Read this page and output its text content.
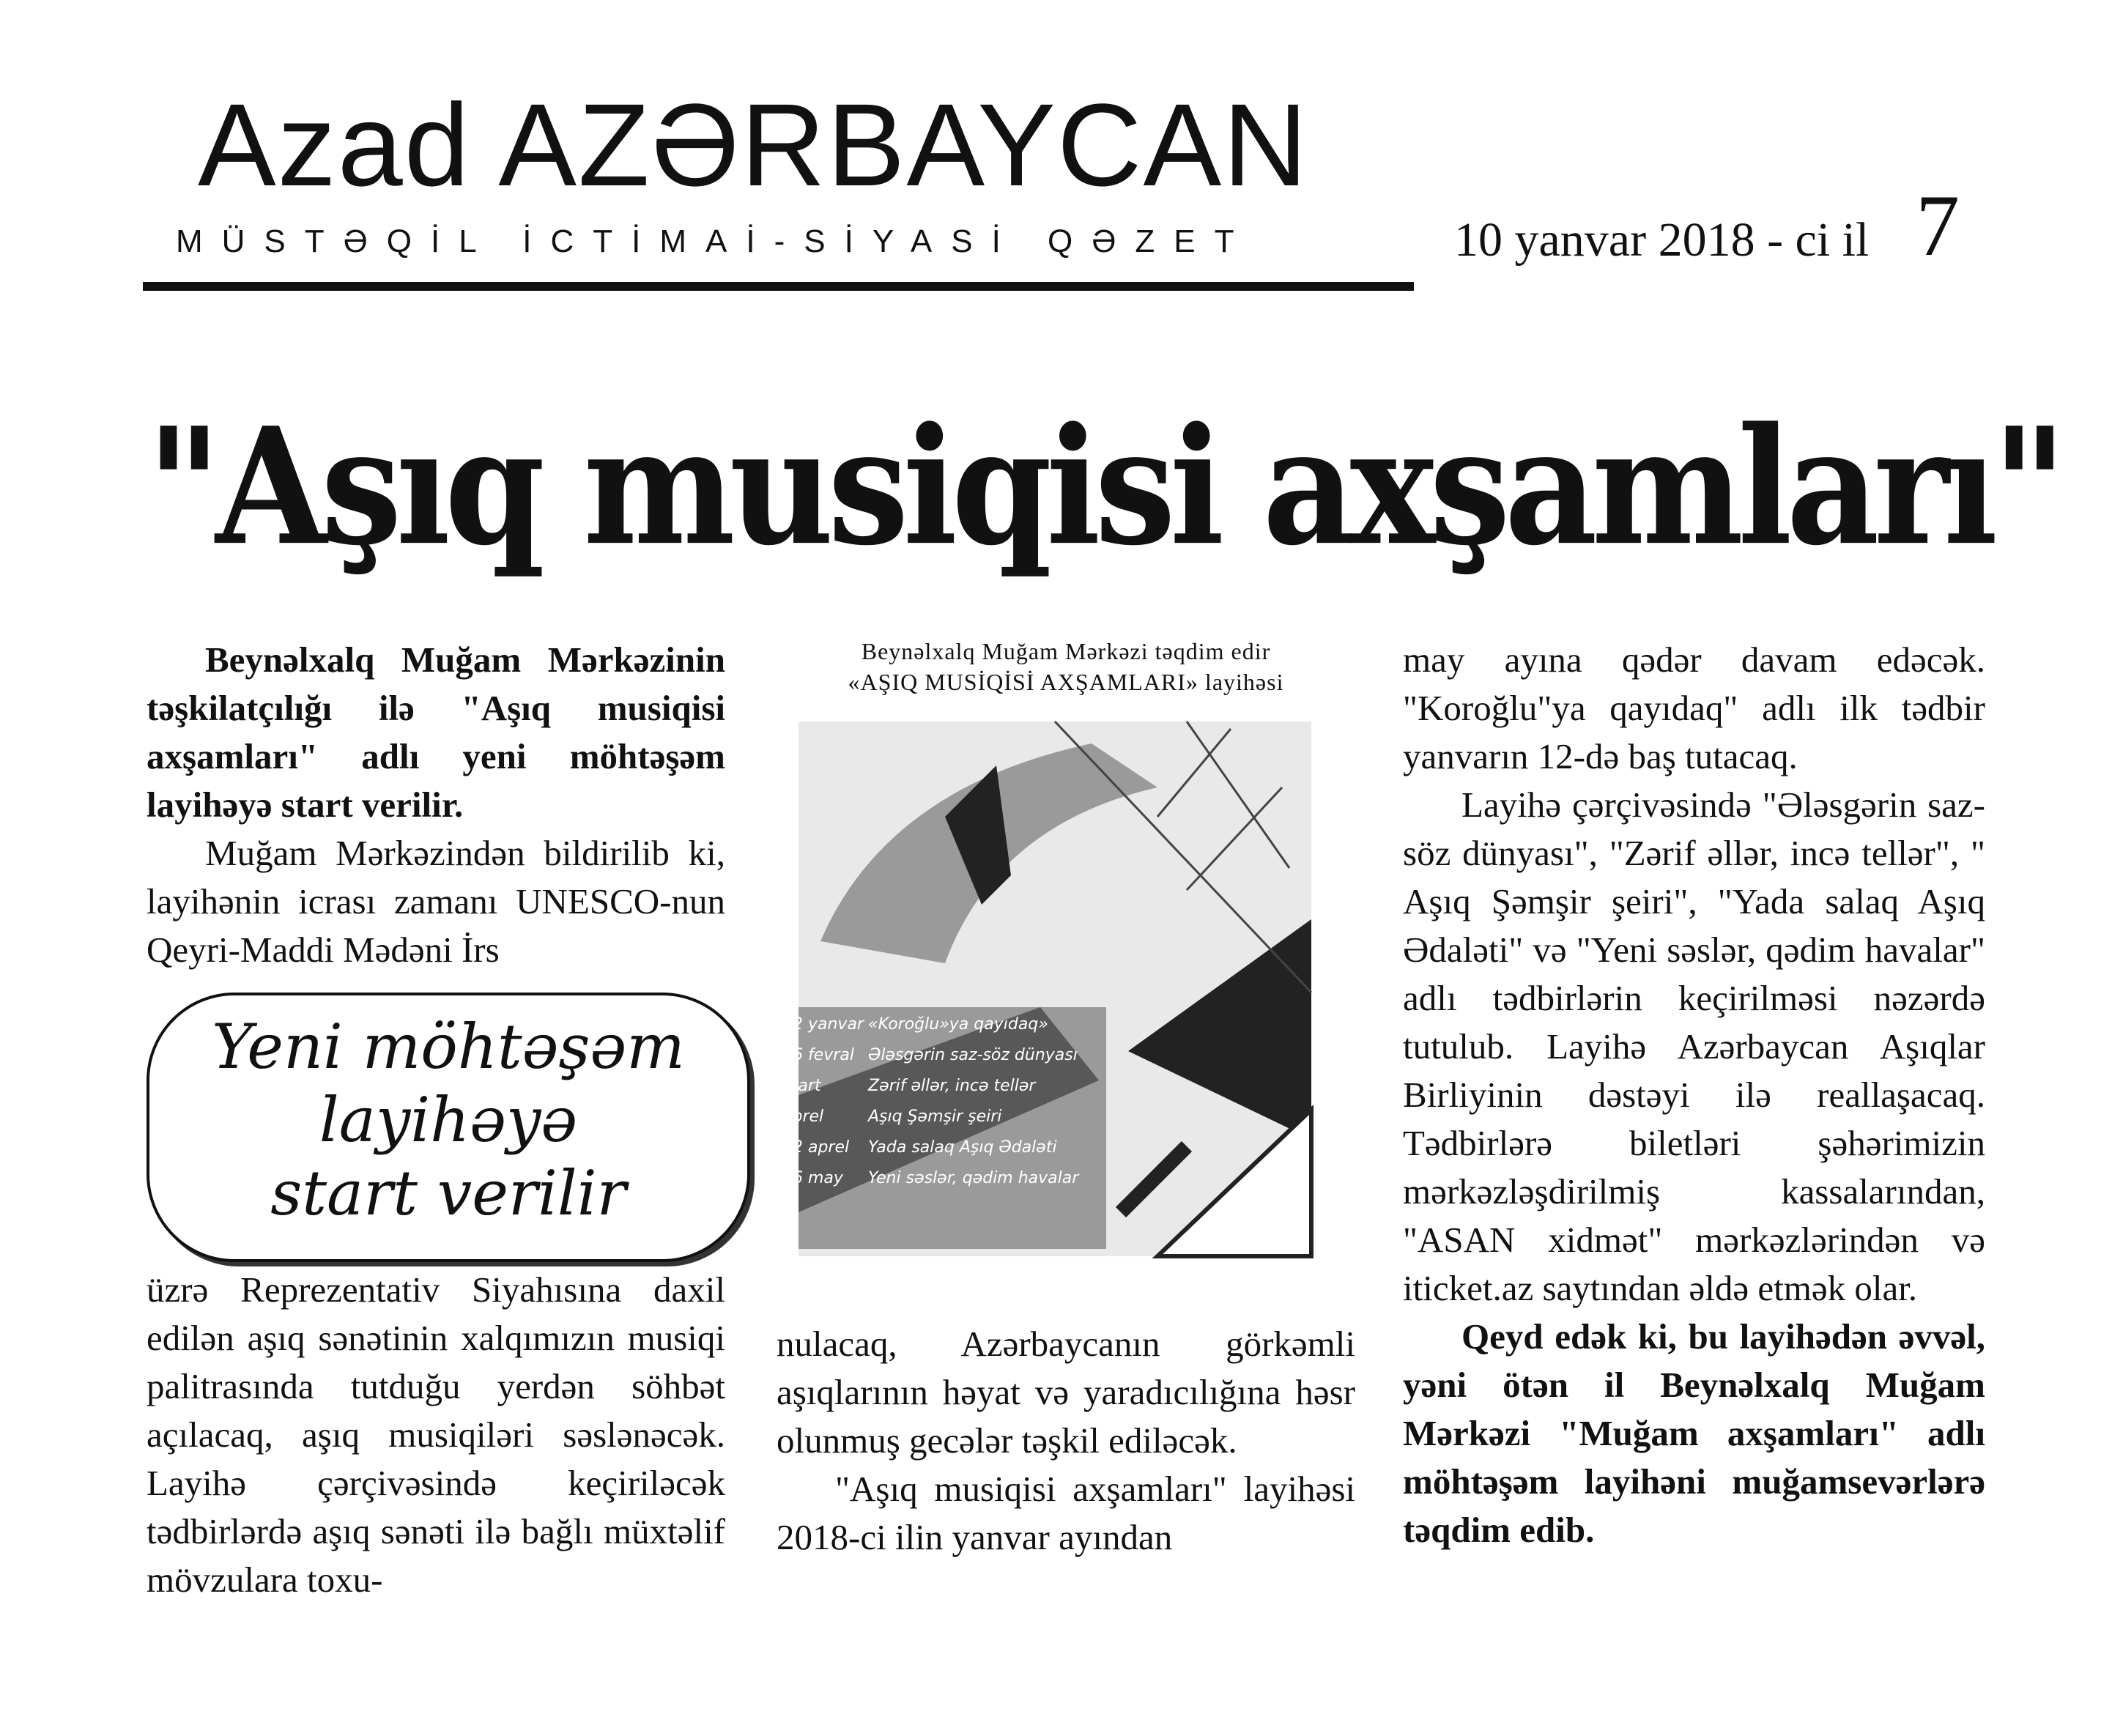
Azad AZƏRBAYCAN
MÜSTƏQİL İCTİMAİ-SİYASİ QƏZET	10 yanvar 2018 - ci il 7
"Aşıq musiqisi axşamları"

Beynəlxalq Muğam Mərkəzinin təşkilatçılığı ilə "Aşıq musiqisi axşamları" adlı yeni möhtəşəm layihəyə start verilir.

Muğam Mərkəzindən bildirilib ki, layihənin icrası zamanı UNESCO-nun Qeyri-Maddi Mədəni İrs

Yeni möhtəşəm
layihəyə
start verilir

üzrə Reprezentativ Siyahısına daxil edilən aşıq sənətinin xalqımızın musiqi palitrasında tutduğu yerdən söhbət açılacaq, aşıq musiqiləri səslənəcək. Layihə çərçivəsində keçiriləcək tədbirlərdə aşıq sənəti ilə bağlı müxtəlif mövzulara toxu-

Beynəlxalq Muğam Mərkəzi təqdim edir
«AŞIQ MUSİQİSİ AXŞAMLARI» layihəsi
12 yanvar «Koroğlu»ya qayıdaq»
16 fevral Ələsgərin saz-söz dünyası
mart	Zərif əllər, incə tellər
aprel	Aşıq Şəmşir şeiri
12 aprel Yada salaq Aşıq Ədaləti
16 may Yeni səslər, qədim havalar

nulacaq, Azərbaycanın görkəmli aşıqlarının həyat və yaradıcılığına həsr olunmuş gecələr təşkil ediləcək.

"Aşıq musiqisi axşamları" layihəsi 2018-ci ilin yanvar ayından

may ayına qədər davam edəcək. "Koroğlu"ya qayıdaq" adlı ilk tədbir yanvarın 12-də baş tutacaq.

Layihə çərçivəsində "Ələsgərin saz-söz dünyası", "Zərif əllər, incə tellər", " Aşıq Şəmşir şeiri", "Yada salaq Aşıq Ədaləti" və "Yeni səslər, qədim havalar" adlı tədbirlərin keçirilməsi nəzərdə tutulub. Layihə Azərbaycan Aşıqlar Birliyinin dəstəyi ilə reallaşacaq. Tədbirlərə biletləri şəhərimizin mərkəzləşdirilmiş kassalarından, "ASAN xidmət" mərkəzlərindən və iticket.az saytından əldə etmək olar.

Qeyd edək ki, bu layihədən əvvəl, yəni ötən il Beynəlxalq Muğam Mərkəzi "Muğam axşamları" adlı möhtəşəm layihəni muğamsevərlərə təqdim edib.
